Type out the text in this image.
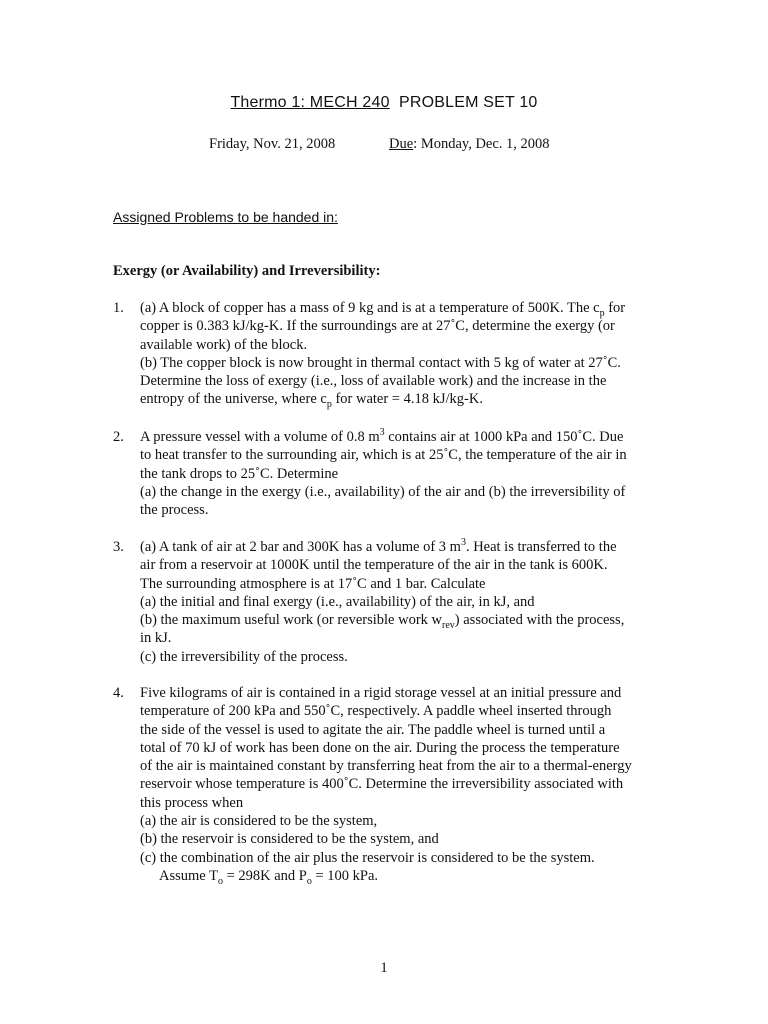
Thermo 1: MECH 240 PROBLEM SET 10
Friday, Nov. 21, 2008	Due: Monday, Dec. 1, 2008
Assigned Problems to be handed in:
Exergy (or Availability) and Irreversibility:
1. (a) A block of copper has a mass of 9 kg and is at a temperature of 500K. The $c_p$ for
copper is 0.383 kJ/kg-K. If the surroundings are at 27˚C, determine the exergy (or
available work) of the block.
(b) The copper block is now brought in thermal contact with 5 kg of water at 27˚C.
Determine the loss of exergy (i.e., loss of available work) and the increase in the
entropy of the universe, where $c_p$ for water = 4.18 kJ/kg-K.
2. A pressure vessel with a volume of 0.8 $m^3$ contains air at 1000 kPa and 150˚C. Due
to heat transfer to the surrounding air, which is at 25˚C, the temperature of the air in
the tank drops to 25˚C. Determine
(a) the change in the exergy (i.e., availability) of the air and (b) the irreversibility of
the process.
3. (a) A tank of air at 2 bar and 300K has a volume of 3 $m^3$. Heat is transferred to the
air from a reservoir at 1000K until the temperature of the air in the tank is 600K.
The surrounding atmosphere is at 17˚C and 1 bar. Calculate
(a) the initial and final exergy (i.e., availability) of the air, in kJ, and
(b) the maximum useful work (or reversible work $w_{rev}$) associated with the process,
in kJ.
(c) the irreversibility of the process.
4. Five kilograms of air is contained in a rigid storage vessel at an initial pressure and
temperature of 200 kPa and 550˚C, respectively. A paddle wheel inserted through
the side of the vessel is used to agitate the air. The paddle wheel is turned until a
total of 70 kJ of work has been done on the air. During the process the temperature
of the air is maintained constant by transferring heat from the air to a thermal-energy
reservoir whose temperature is 400˚C. Determine the irreversibility associated with
this process when
(a) the air is considered to be the system,
(b) the reservoir is considered to be the system, and
(c) the combination of the air plus the reservoir is considered to be the system.
Assume $T_o = 298K$ and $P_o = 100$ kPa.
1
